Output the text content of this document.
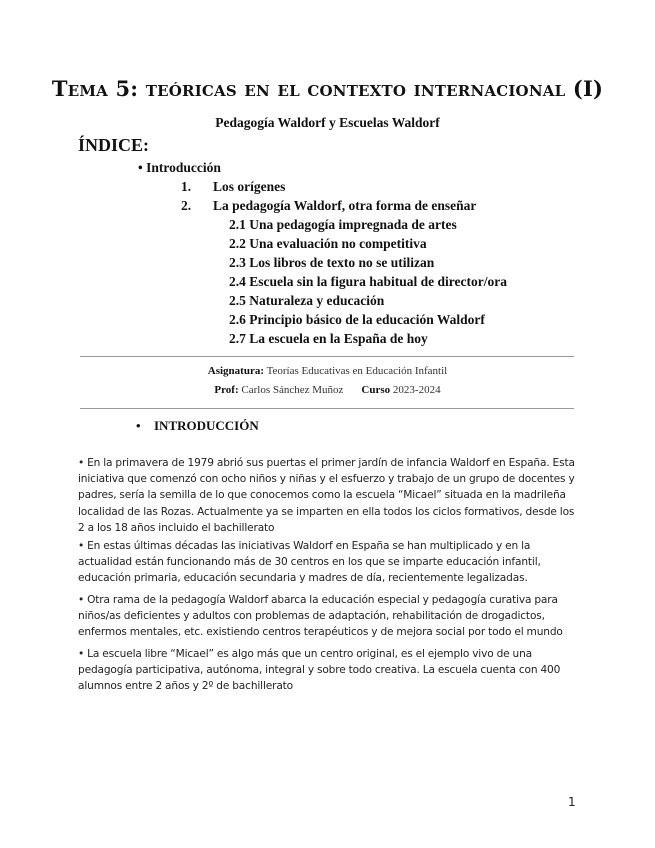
Tema 5: teóricas en el contexto internacional (I)

Pedagogía Waldorf y Escuelas Waldorf

ÍNDICE:

• Introducción
1. Los orígenes
2. La pedagogía Waldorf, otra forma de enseñar
2.1 Una pedagogía impregnada de artes
2.2 Una evaluación no competitiva
2.3 Los libros de texto no se utilizan
2.4 Escuela sin la figura habitual de director/ora
2.5 Naturaleza y educación
2.6 Principio básico de la educación Waldorf
2.7 La escuela en la España de hoy
Asignatura: Teorías Educativas en Educación Infantil
Prof: Carlos Sánchez Muñoz Curso 2023-2024
• INTRODUCCIÓN

• En la primavera de 1979 abrió sus puertas el primer jardín de infancia Waldorf en España. Esta iniciativa que comenzó con ocho niños y niñas y el esfuerzo y trabajo de un grupo de docentes y padres, sería la semilla de lo que conocemos como la escuela “Micael” situada en la madrileña localidad de las Rozas. Actualmente ya se imparten en ella todos los ciclos formativos, desde los 2 a los 18 años incluido el bachillerato

• En estas últimas décadas las iniciativas Waldorf en España se han multiplicado y en la actualidad están funcionando más de 30 centros en los que se imparte educación infantil, educación primaria, educación secundaria y madres de día, recientemente legalizadas.

• Otra rama de la pedagogía Waldorf abarca la educación especial y pedagogía curativa para niños/as deficientes y adultos con problemas de adaptación, rehabilitación de drogadictos, enfermos mentales, etc. existiendo centros terapéuticos y de mejora social por todo el mundo

• La escuela libre “Micael” es algo más que un centro original, es el ejemplo vivo de una pedagogía participativa, autónoma, integral y sobre todo creativa. La escuela cuenta con 400 alumnos entre 2 años y 2º de bachillerato

1
